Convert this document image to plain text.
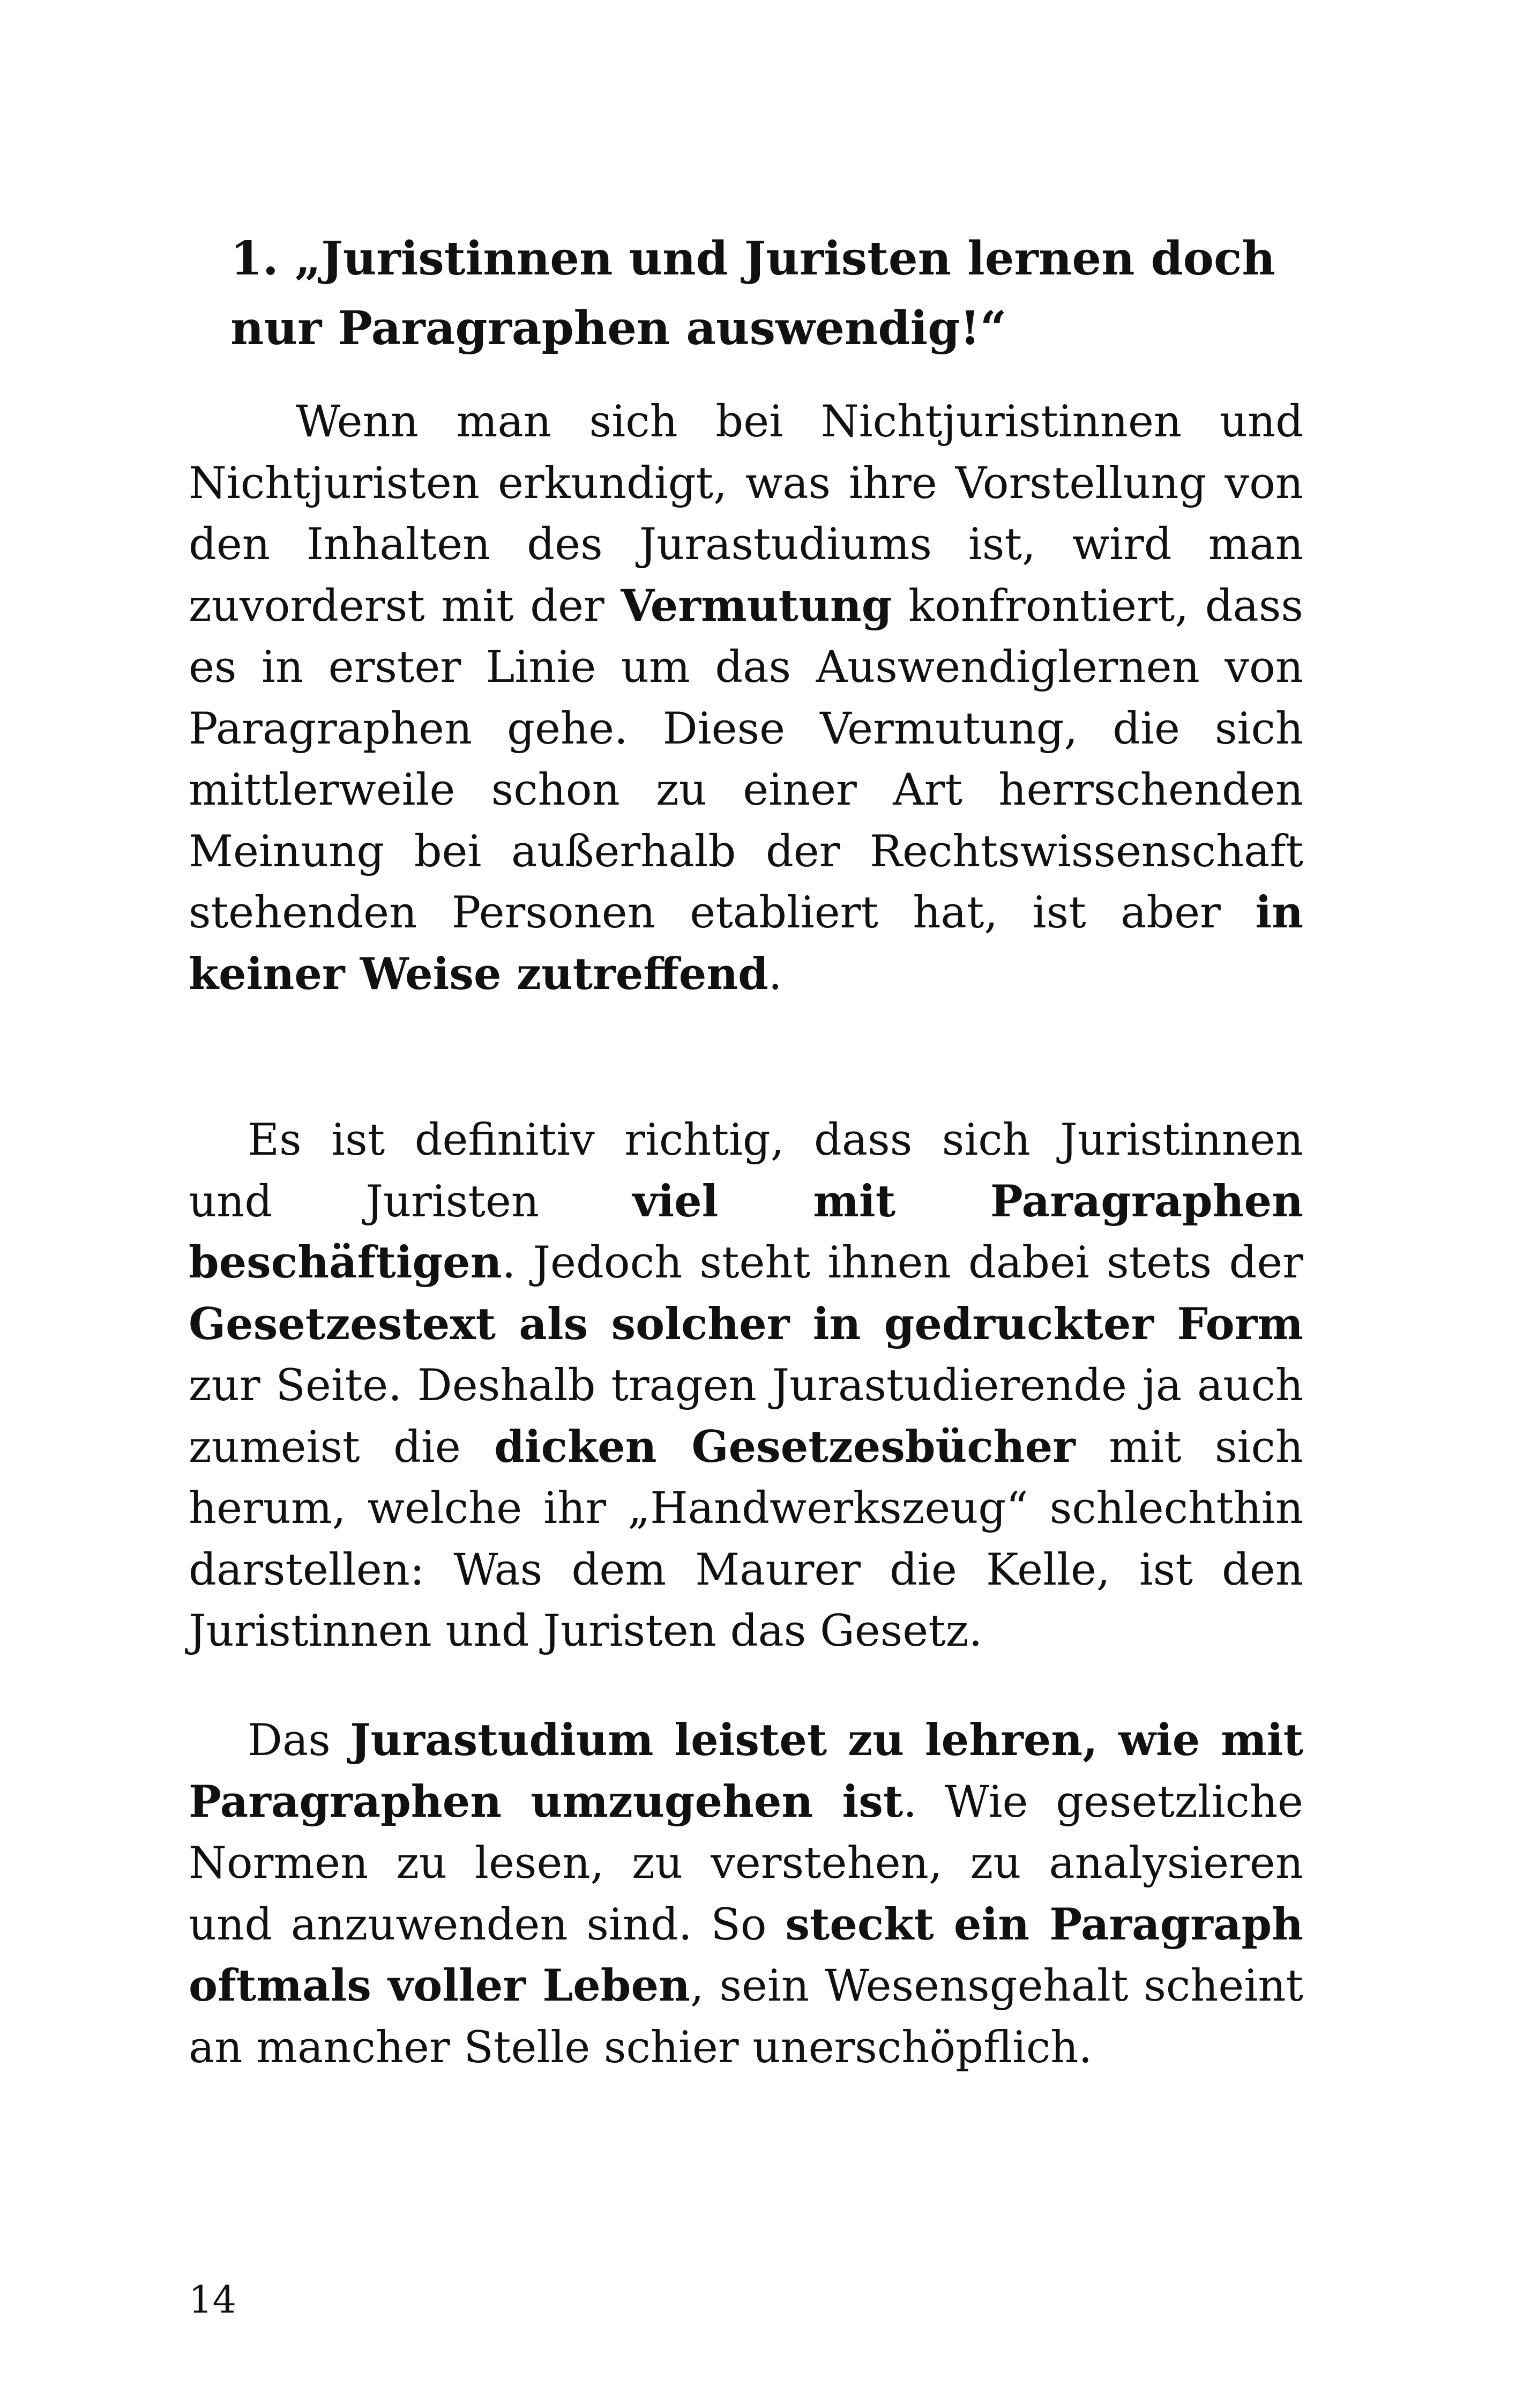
1. „Juristinnen und Juristen lernen doch nur Paragraphen auswendig!“

Wenn man sich bei Nichtjuristinnen und Nichtjuristen erkundigt, was ihre Vorstellung von den Inhalten des Jurastudiums ist, wird man zuvorderst mit der Vermutung konfrontiert, dass es in erster Linie um das Auswendiglernen von Paragraphen gehe. Diese Vermutung, die sich mittlerweile schon zu einer Art herrschenden Meinung bei außerhalb der Rechtswissenschaft stehenden Personen etabliert hat, ist aber in keiner Weise zutreffend.

Es ist definitiv richtig, dass sich Juristinnen und Juristen viel mit Paragraphen beschäftigen. Jedoch steht ihnen dabei stets der Gesetzestext als solcher in gedruckter Form zur Seite. Deshalb tragen Jurastudierende ja auch zumeist die dicken Gesetzesbücher mit sich herum, welche ihr „Handwerkszeug“ schlechthin darstellen: Was dem Maurer die Kelle, ist den Juristinnen und Juristen das Gesetz.

Das Jurastudium leistet zu lehren, wie mit Paragraphen umzugehen ist. Wie gesetzliche Normen zu lesen, zu verstehen, zu analysieren und anzuwenden sind. So steckt ein Paragraph oftmals voller Leben, sein Wesensgehalt scheint an mancher Stelle schier unerschöpflich.

14
